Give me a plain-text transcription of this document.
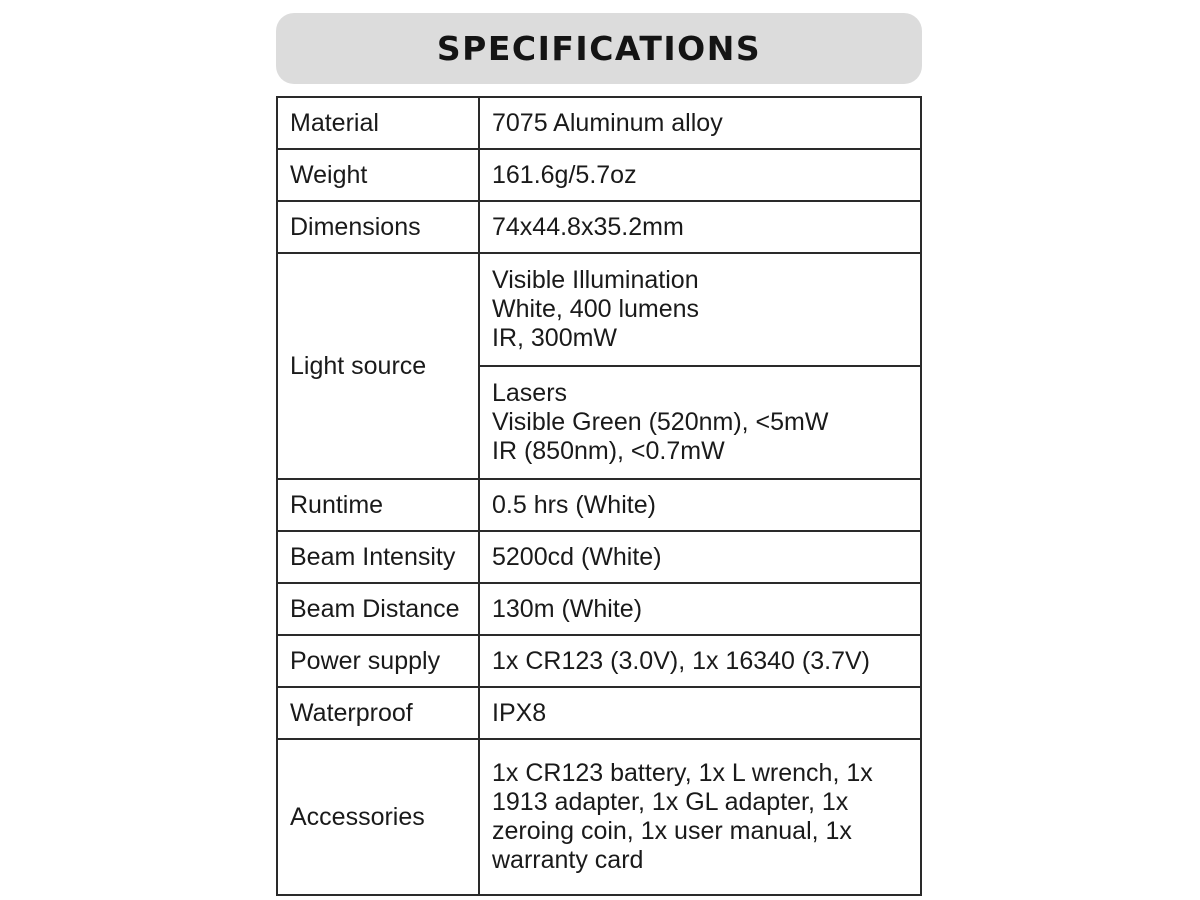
SPECIFICATIONS
Material	7075 Aluminum alloy
Weight	161.6g/5.7oz
Dimensions	74x44.8x35.2mm
Light source	Visible Illumination
White, 400 lumens
IR, 300mW

	Lasers
Visible Green (520nm), <5mW
IR (850nm), <0.7mW

Runtime	0.5 hrs (White)
Beam Intensity	5200cd (White)
Beam Distance	130m (White)
Power supply	1x CR123 (3.0V), 1x 16340 (3.7V)
Waterproof	IPX8
Accessories	1x CR123 battery, 1x L wrench, 1x
1913 adapter, 1x GL adapter, 1x
zeroing coin, 1x user manual, 1x
warranty card
